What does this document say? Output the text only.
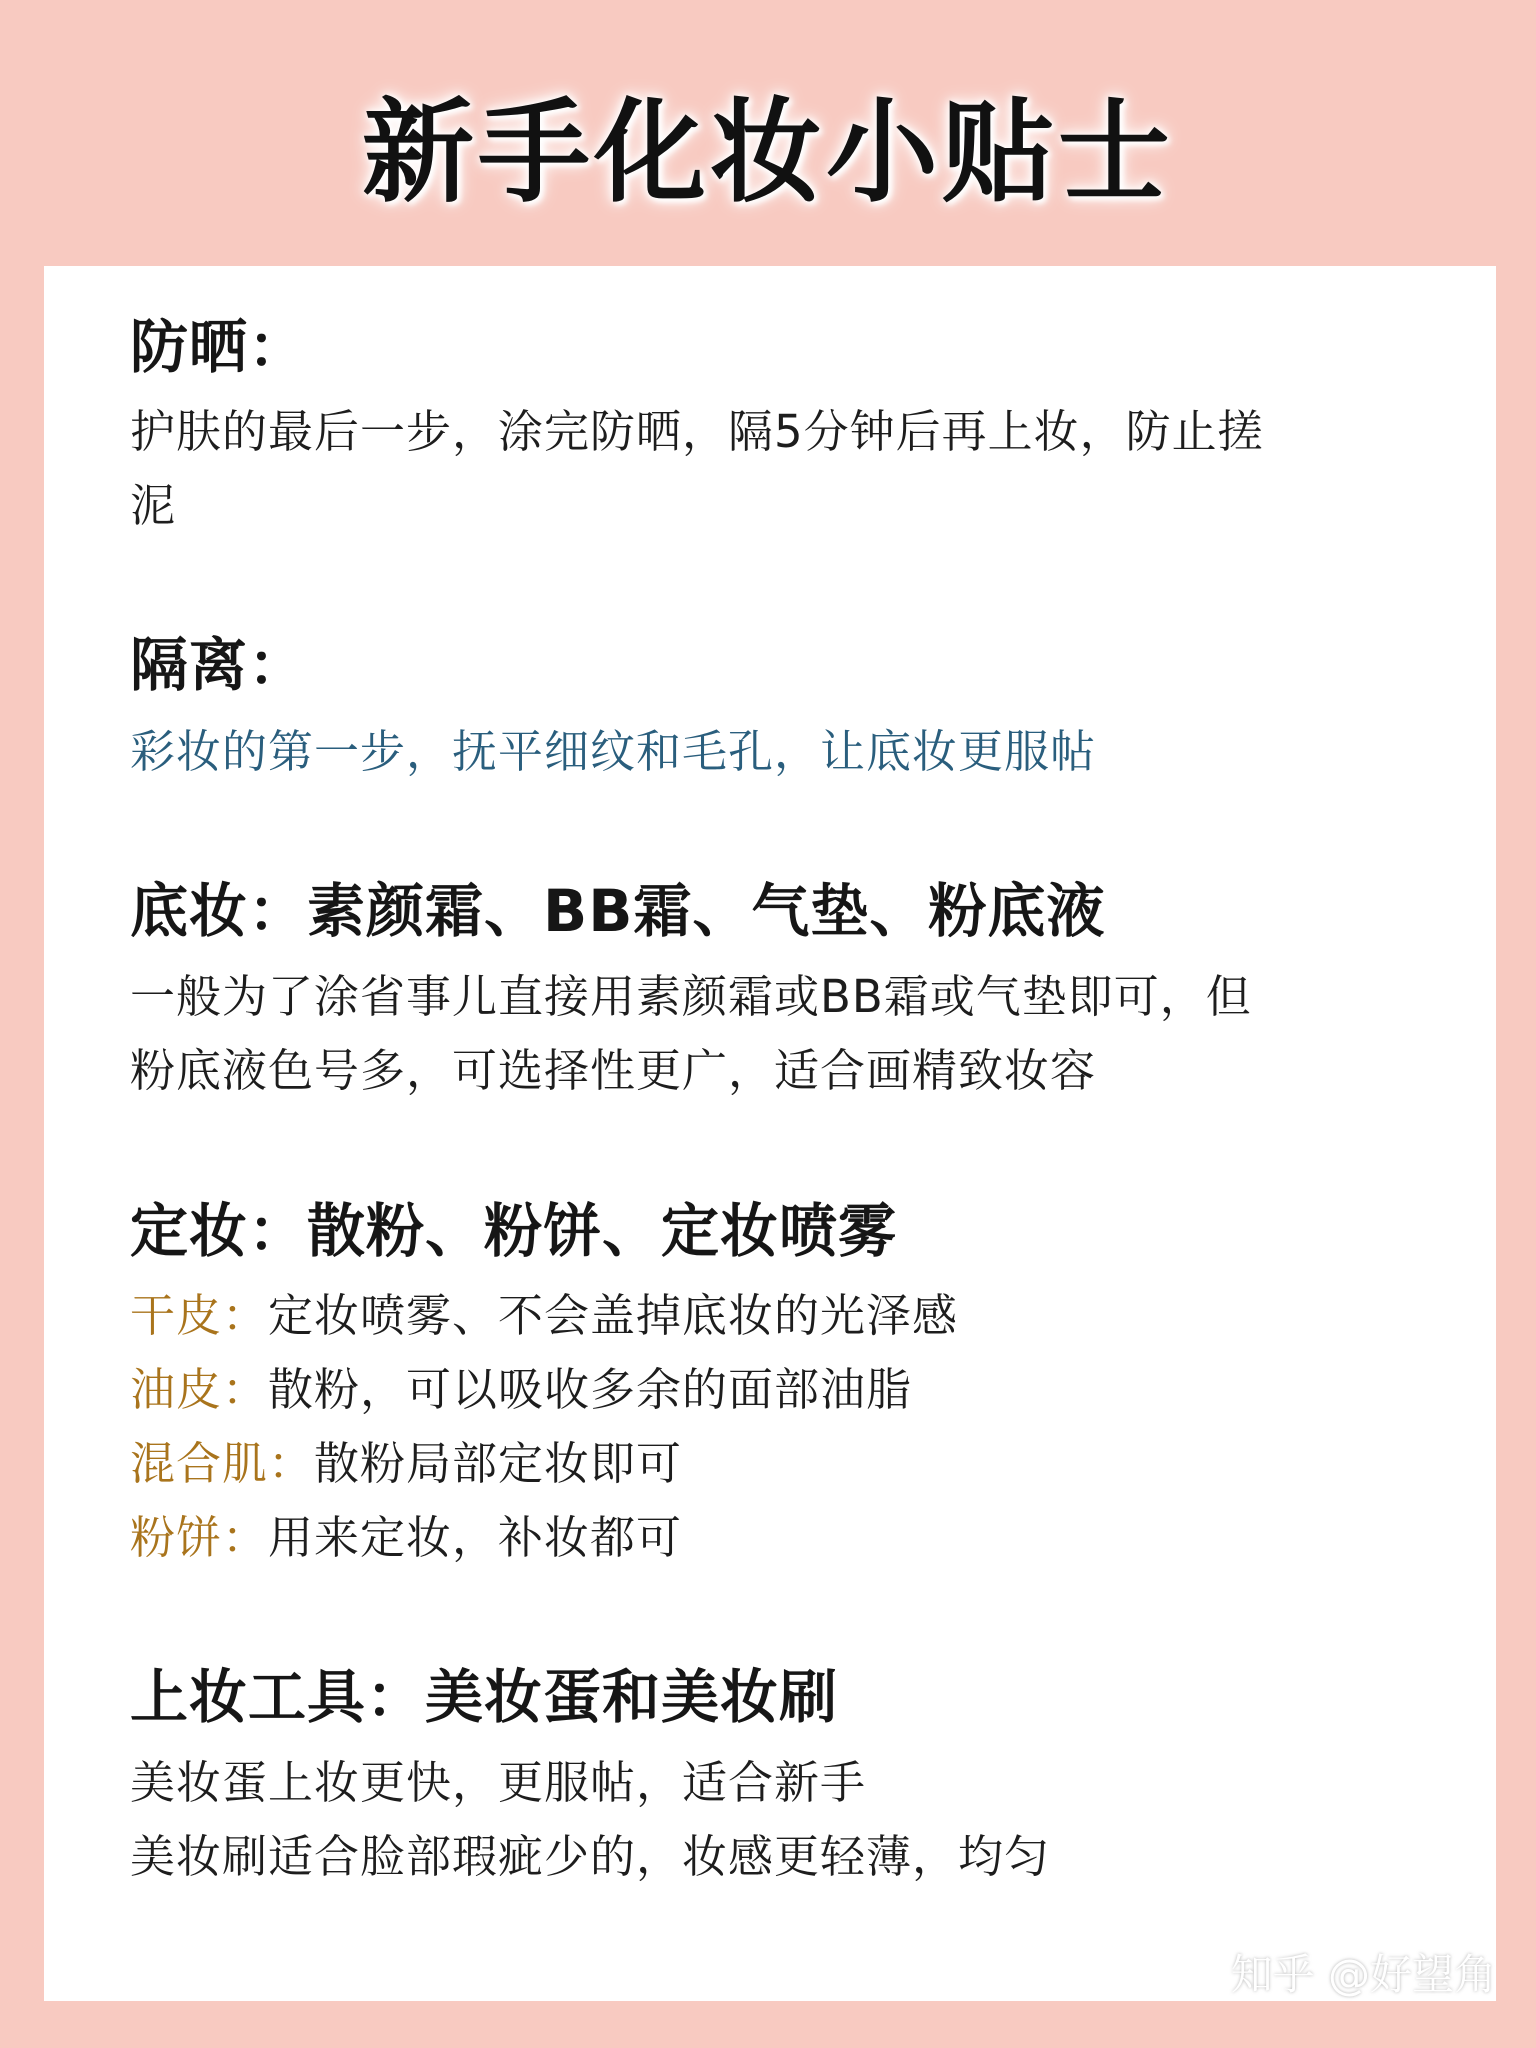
新手化妆小贴士
防晒：
护肤的最后一步，涂完防晒，隔5分钟后再上妆，防止搓
泥
隔离：
彩妆的第一步，抚平细纹和毛孔，让底妆更服帖
底妆：素颜霜、BB霜、气垫、粉底液
一般为了涂省事儿直接用素颜霜或BB霜或气垫即可，但
粉底液色号多，可选择性更广，适合画精致妆容
定妆：散粉、粉饼、定妆喷雾
干皮：定妆喷雾、不会盖掉底妆的光泽感
油皮：散粉，可以吸收多余的面部油脂
混合肌：散粉局部定妆即可
粉饼：用来定妆，补妆都可
上妆工具：美妆蛋和美妆刷
美妆蛋上妆更快，更服帖，适合新手
美妆刷适合脸部瑕疵少的，妆感更轻薄，均匀
知乎 @好望角
